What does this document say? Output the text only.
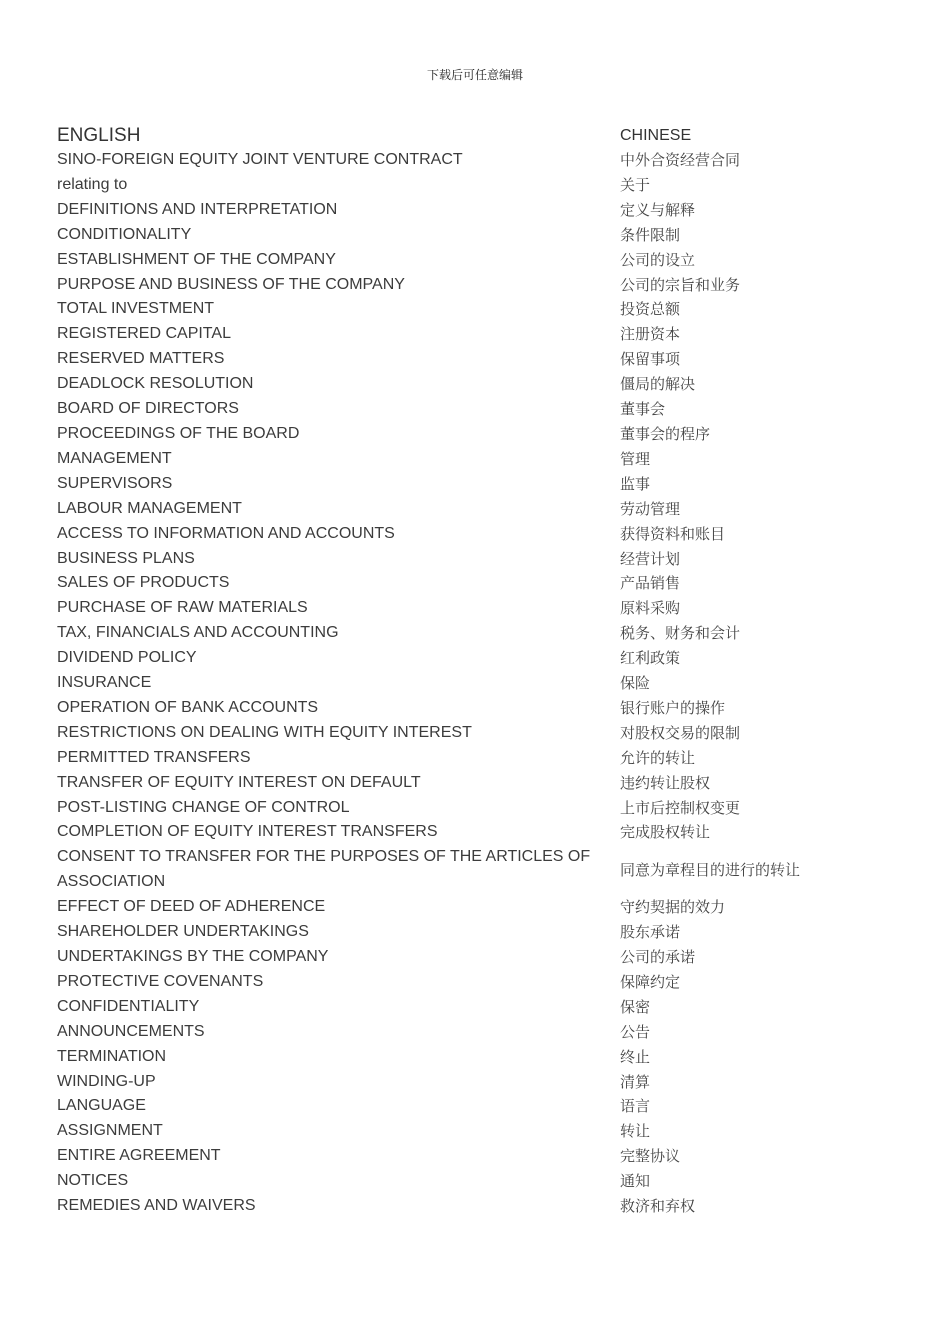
下载后可任意编辑
ENGLISH	CHINESE
SINO-FOREIGN EQUITY JOINT VENTURE CONTRACT	中外合资经营合同
relating to	关于
DEFINITIONS AND INTERPRETATION	定义与解释
CONDITIONALITY	条件限制
ESTABLISHMENT OF THE COMPANY	公司的设立
PURPOSE AND BUSINESS OF THE COMPANY	公司的宗旨和业务
TOTAL INVESTMENT	投资总额
REGISTERED CAPITAL	注册资本
RESERVED MATTERS	保留事项
DEADLOCK RESOLUTION	僵局的解决
BOARD OF DIRECTORS	董事会
PROCEEDINGS OF THE BOARD	董事会的程序
MANAGEMENT	管理
SUPERVISORS	监事
LABOUR MANAGEMENT	劳动管理
ACCESS TO INFORMATION AND ACCOUNTS	获得资料和账目
BUSINESS PLANS	经营计划
SALES OF PRODUCTS	产品销售
PURCHASE OF RAW MATERIALS	原料采购
TAX, FINANCIALS AND ACCOUNTING	税务、财务和会计
DIVIDEND POLICY	红利政策
INSURANCE	保险
OPERATION OF BANK ACCOUNTS	银行账户的操作
RESTRICTIONS ON DEALING WITH EQUITY INTEREST	对股权交易的限制
PERMITTED TRANSFERS	允许的转让
TRANSFER OF EQUITY INTEREST ON DEFAULT	违约转让股权
POST-LISTING CHANGE OF CONTROL	上市后控制权变更
COMPLETION OF EQUITY INTEREST TRANSFERS	完成股权转让
CONSENT TO TRANSFER FOR THE PURPOSES OF THE ARTICLES OF ASSOCIATION	同意为章程目的进行的转让
EFFECT OF DEED OF ADHERENCE	守约契据的效力
SHAREHOLDER UNDERTAKINGS	股东承诺
UNDERTAKINGS BY THE COMPANY	公司的承诺
PROTECTIVE COVENANTS	保障约定
CONFIDENTIALITY	保密
ANNOUNCEMENTS	公告
TERMINATION	终止
WINDING-UP	清算
LANGUAGE	语言
ASSIGNMENT	转让
ENTIRE AGREEMENT	完整协议
NOTICES	通知
REMEDIES AND WAIVERS	救济和弃权
